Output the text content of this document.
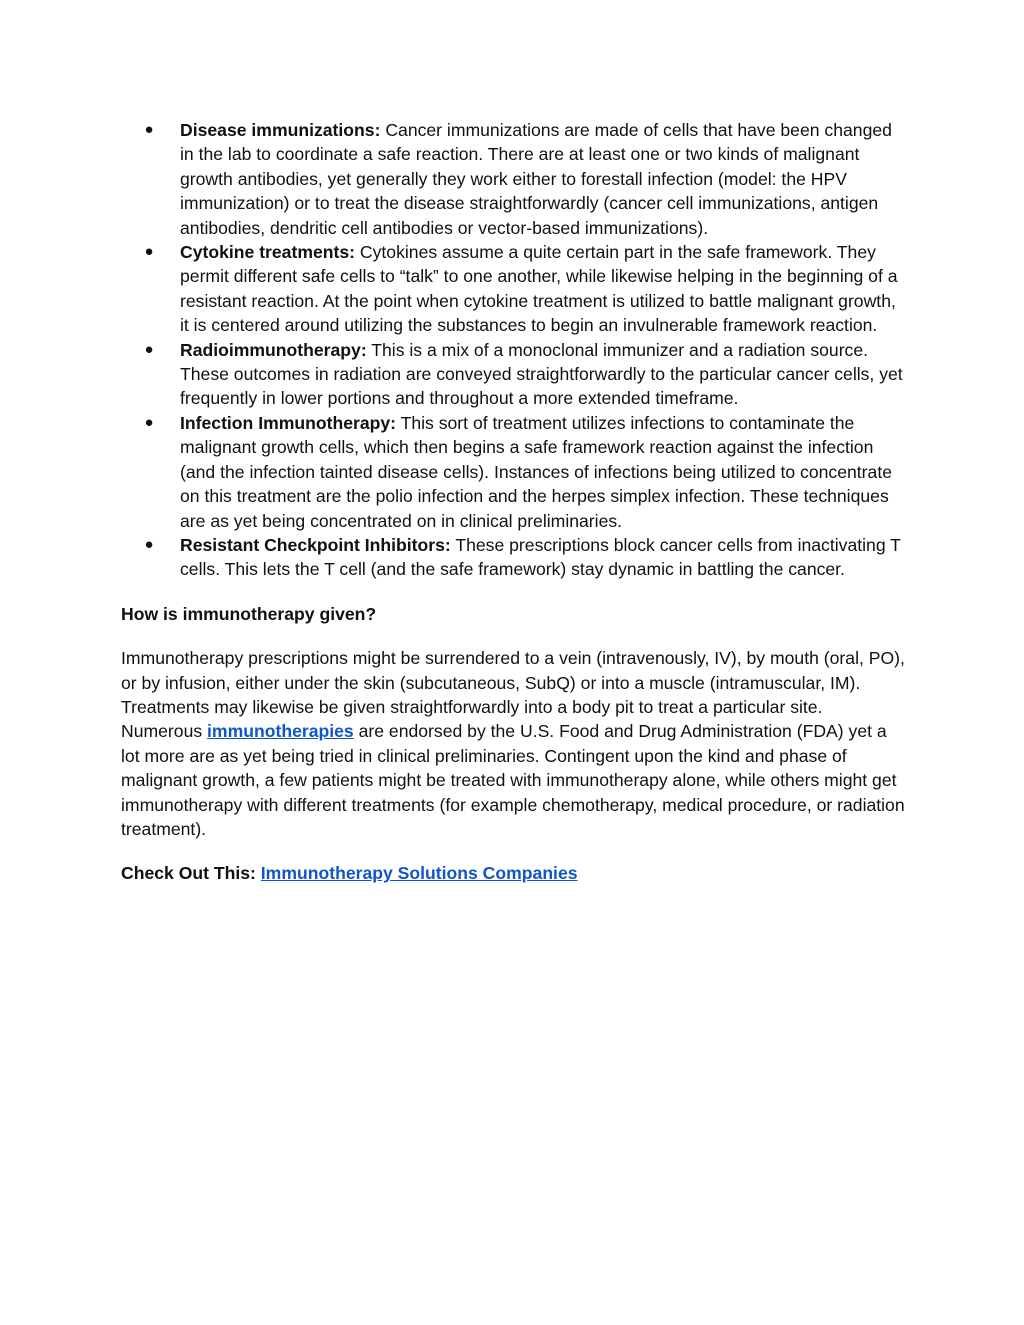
●	Disease immunizations: Cancer immunizations are made of cells that have been changed in the lab to coordinate a safe reaction. There are at least one or two kinds of malignant growth antibodies, yet generally they work either to forestall infection (model: the HPV immunization) or to treat the disease straightforwardly (cancer cell immunizations, antigen antibodies, dendritic cell antibodies or vector-based immunizations).
●	Cytokine treatments: Cytokines assume a quite certain part in the safe framework. They permit different safe cells to “talk” to one another, while likewise helping in the beginning of a resistant reaction. At the point when cytokine treatment is utilized to battle malignant growth, it is centered around utilizing the substances to begin an invulnerable framework reaction.
●	Radioimmunotherapy: This is a mix of a monoclonal immunizer and a radiation source. These outcomes in radiation are conveyed straightforwardly to the particular cancer cells, yet frequently in lower portions and throughout a more extended timeframe.
●	Infection Immunotherapy: This sort of treatment utilizes infections to contaminate the malignant growth cells, which then begins a safe framework reaction against the infection (and the infection tainted disease cells). Instances of infections being utilized to concentrate on this treatment are the polio infection and the herpes simplex infection. These techniques are as yet being concentrated on in clinical preliminaries.
●	Resistant Checkpoint Inhibitors: These prescriptions block cancer cells from inactivating T cells. This lets the T cell (and the safe framework) stay dynamic in battling the cancer.

How is immunotherapy given?

Immunotherapy prescriptions might be surrendered to a vein (intravenously, IV), by mouth (oral, PO), or by infusion, either under the skin (subcutaneous, SubQ) or into a muscle (intramuscular, IM). Treatments may likewise be given straightforwardly into a body pit to treat a particular site. Numerous immunotherapies are endorsed by the U.S. Food and Drug Administration (FDA) yet a lot more are as yet being tried in clinical preliminaries. Contingent upon the kind and phase of malignant growth, a few patients might be treated with immunotherapy alone, while others might get immunotherapy with different treatments (for example chemotherapy, medical procedure, or radiation treatment).

Check Out This: Immunotherapy Solutions Companies
